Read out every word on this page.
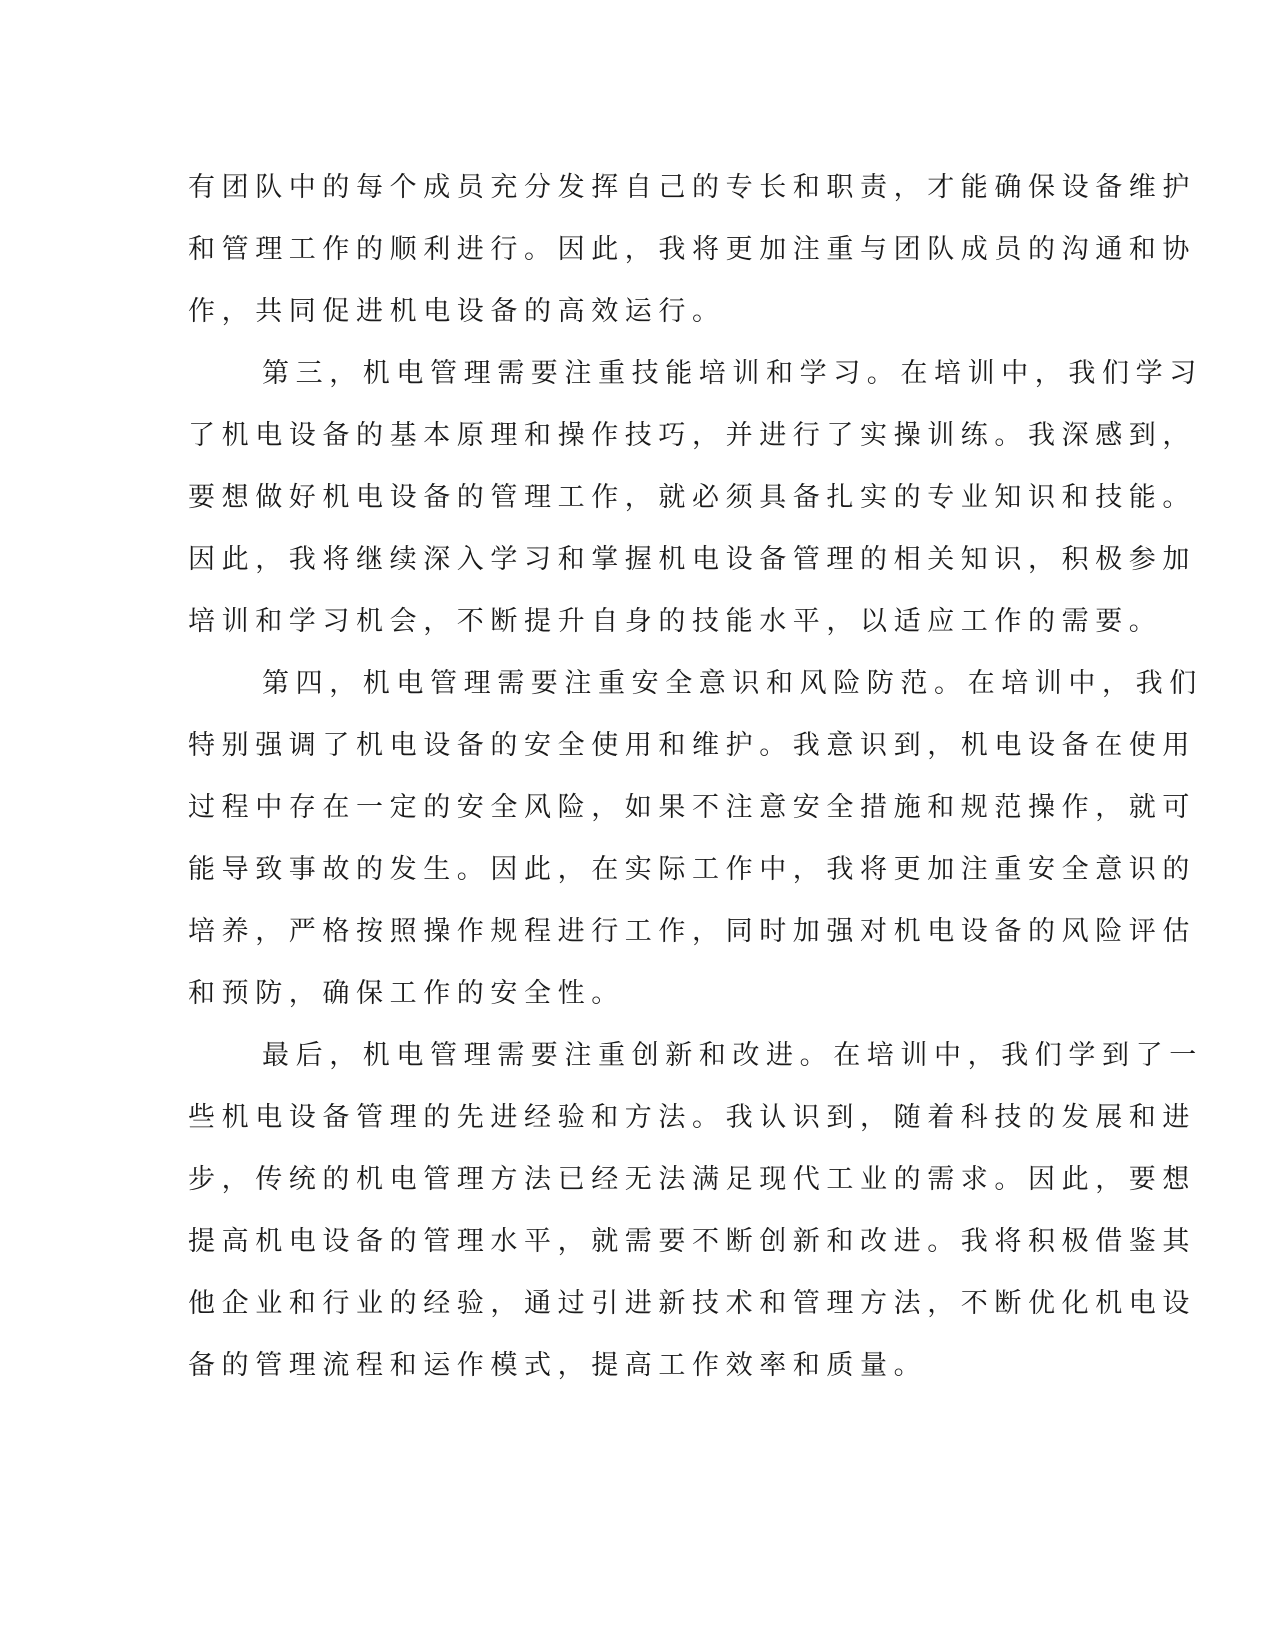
有团队中的每个成员充分发挥自己的专长和职责，才能确保设备维护
和管理工作的顺利进行。因此，我将更加注重与团队成员的沟通和协
作，共同促进机电设备的高效运行。

第三，机电管理需要注重技能培训和学习。在培训中，我们学习
了机电设备的基本原理和操作技巧，并进行了实操训练。我深感到，
要想做好机电设备的管理工作，就必须具备扎实的专业知识和技能。
因此，我将继续深入学习和掌握机电设备管理的相关知识，积极参加
培训和学习机会，不断提升自身的技能水平，以适应工作的需要。

第四，机电管理需要注重安全意识和风险防范。在培训中，我们
特别强调了机电设备的安全使用和维护。我意识到，机电设备在使用
过程中存在一定的安全风险，如果不注意安全措施和规范操作，就可
能导致事故的发生。因此，在实际工作中，我将更加注重安全意识的
培养，严格按照操作规程进行工作，同时加强对机电设备的风险评估
和预防，确保工作的安全性。

最后，机电管理需要注重创新和改进。在培训中，我们学到了一
些机电设备管理的先进经验和方法。我认识到，随着科技的发展和进
步，传统的机电管理方法已经无法满足现代工业的需求。因此，要想
提高机电设备的管理水平，就需要不断创新和改进。我将积极借鉴其
他企业和行业的经验，通过引进新技术和管理方法，不断优化机电设
备的管理流程和运作模式，提高工作效率和质量。
